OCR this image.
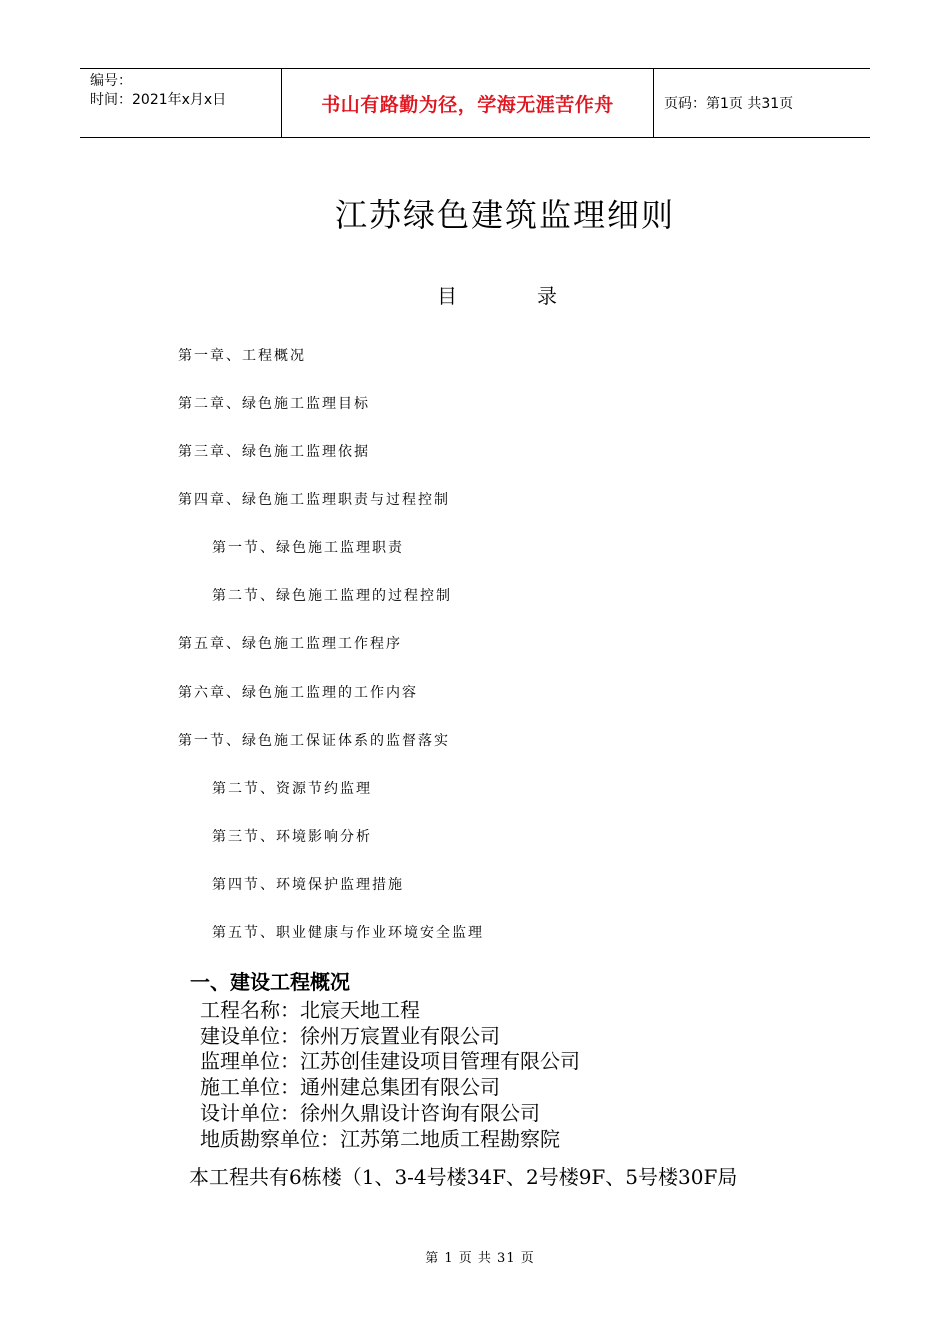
编号：
时间：2021年x月x日	书山有路勤为径，学海无涯苦作舟	页码：第1页 共31页
江苏绿色建筑监理细则
目	录
第一章、工程概况
第二章、绿色施工监理目标
第三章、绿色施工监理依据
第四章、绿色施工监理职责与过程控制
第一节、绿色施工监理职责
第二节、绿色施工监理的过程控制
第五章、绿色施工监理工作程序
第六章、绿色施工监理的工作内容
第一节、绿色施工保证体系的监督落实
第二节、资源节约监理
第三节、环境影响分析
第四节、环境保护监理措施
第五节、职业健康与作业环境安全监理
一、建设工程概况
工程名称：北宸天地工程
建设单位：徐州万宸置业有限公司
监理单位：江苏创佳建设项目管理有限公司
施工单位：通州建总集团有限公司
设计单位：徐州久鼎设计咨询有限公司
地质勘察单位：江苏第二地质工程勘察院
本工程共有6栋楼（1、3-4号楼34F、2号楼9F、5号楼30F局
第 1 页 共 31 页
